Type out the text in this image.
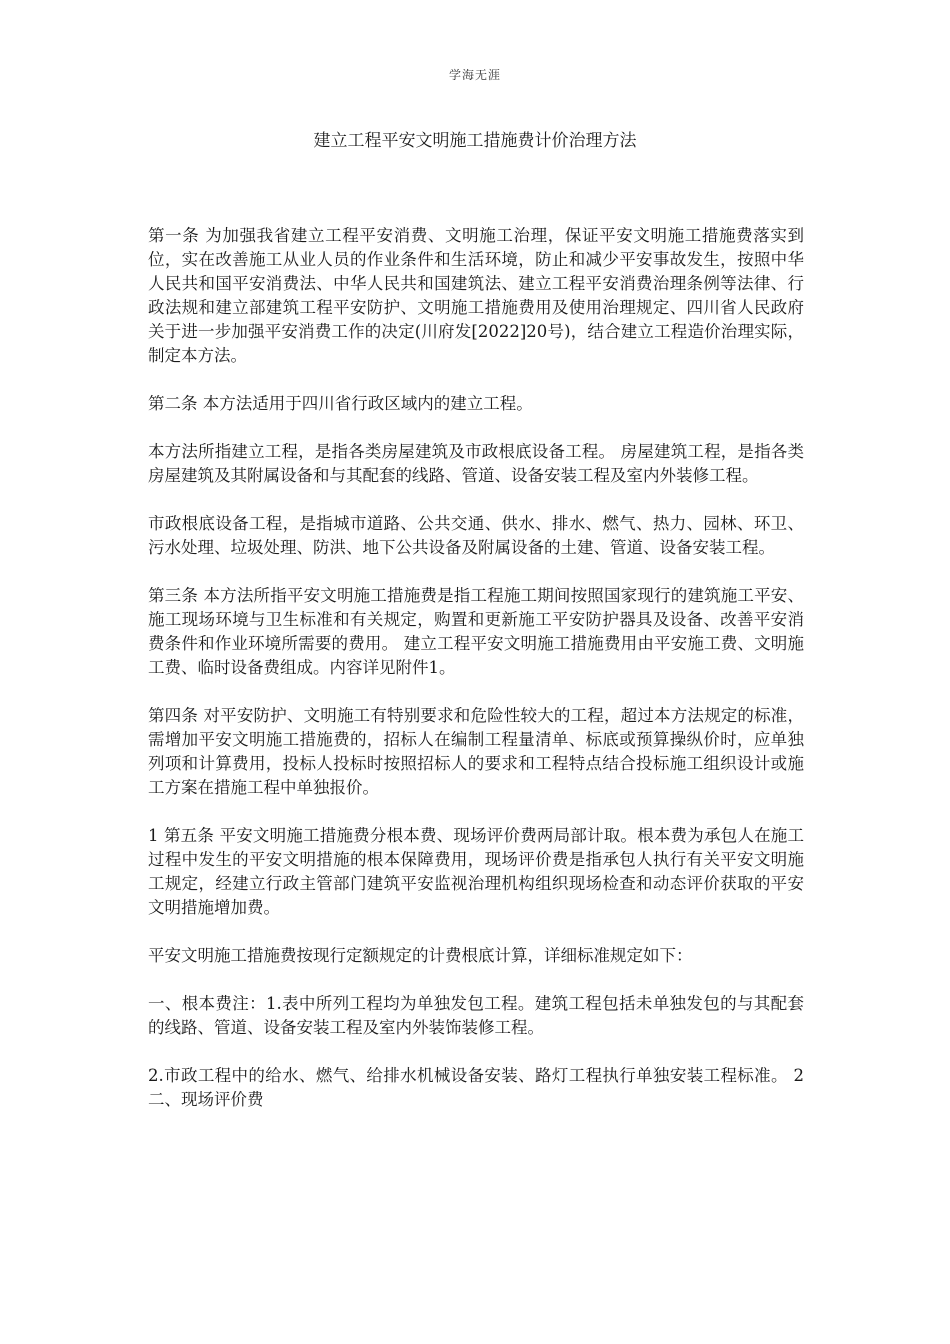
学海无涯
建立工程平安文明施工措施费计价治理方法

第一条 为加强我省建立工程平安消费、文明施工治理，保证平安文明施工措施费落实到位，实在改善施工从业人员的作业条件和生活环境，防止和减少平安事故发生，按照中华人民共和国平安消费法、中华人民共和国建筑法、建立工程平安消费治理条例等法律、行政法规和建立部建筑工程平安防护、文明施工措施费用及使用治理规定、四川省人民政府关于进一步加强平安消费工作的决定(川府发[2022]20号)，结合建立工程造价治理实际，制定本方法。

第二条 本方法适用于四川省行政区域内的建立工程。

本方法所指建立工程，是指各类房屋建筑及市政根底设备工程。 房屋建筑工程，是指各类房屋建筑及其附属设备和与其配套的线路、管道、设备安装工程及室内外装修工程。

市政根底设备工程，是指城市道路、公共交通、供水、排水、燃气、热力、园林、环卫、污水处理、垃圾处理、防洪、地下公共设备及附属设备的土建、管道、设备安装工程。

第三条 本方法所指平安文明施工措施费是指工程施工期间按照国家现行的建筑施工平安、施工现场环境与卫生标准和有关规定，购置和更新施工平安防护器具及设备、改善平安消费条件和作业环境所需要的费用。 建立工程平安文明施工措施费用由平安施工费、文明施工费、临时设备费组成。内容详见附件1。

第四条 对平安防护、文明施工有特别要求和危险性较大的工程，超过本方法规定的标准，需增加平安文明施工措施费的，招标人在编制工程量清单、标底或预算操纵价时，应单独列项和计算费用，投标人投标时按照招标人的要求和工程特点结合投标施工组织设计或施工方案在措施工程中单独报价。

1 第五条 平安文明施工措施费分根本费、现场评价费两局部计取。根本费为承包人在施工过程中发生的平安文明措施的根本保障费用，现场评价费是指承包人执行有关平安文明施工规定，经建立行政主管部门建筑平安监视治理机构组织现场检查和动态评价获取的平安文明措施增加费。

平安文明施工措施费按现行定额规定的计费根底计算，详细标准规定如下：

一、根本费注：1.表中所列工程均为单独发包工程。建筑工程包括未单独发包的与其配套的线路、管道、设备安装工程及室内外装饰装修工程。

2.市政工程中的给水、燃气、给排水机械设备安装、路灯工程执行单独安装工程标准。 2 二、现场评价费
